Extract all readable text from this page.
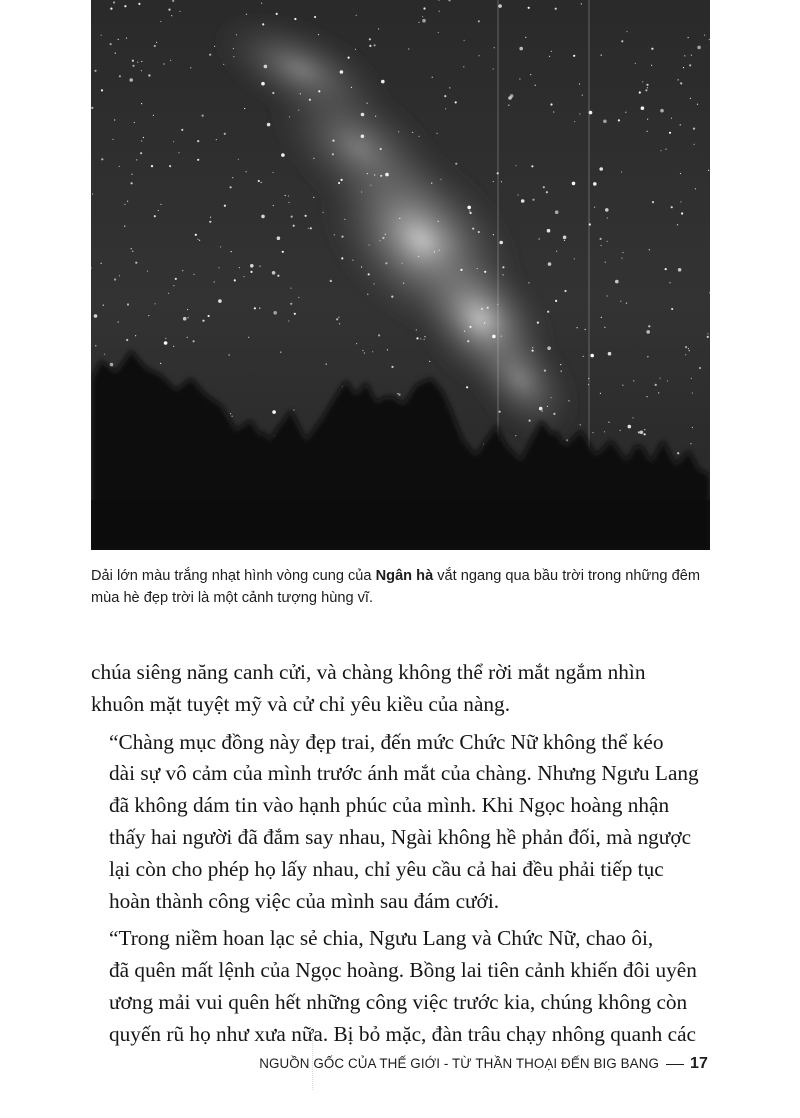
Dải lớn màu trắng nhạt hình vòng cung của Ngân hà vắt ngang qua bầu trời trong những đêm mùa hè đẹp trời là một cảnh tượng hùng vĩ.

chúa siêng năng canh cửi, và chàng không thể rời mắt ngắm nhìn
khuôn mặt tuyệt mỹ và cử chỉ yêu kiều của nàng.

“Chàng mục đồng này đẹp trai, đến mức Chức Nữ không thể kéo
dài sự vô cảm của mình trước ánh mắt của chàng. Nhưng Ngưu Lang
đã không dám tin vào hạnh phúc của mình. Khi Ngọc hoàng nhận
thấy hai người đã đắm say nhau, Ngài không hề phản đối, mà ngược
lại còn cho phép họ lấy nhau, chỉ yêu cầu cả hai đều phải tiếp tục
hoàn thành công việc của mình sau đám cưới.

“Trong niềm hoan lạc sẻ chia, Ngưu Lang và Chức Nữ, chao ôi,
đã quên mất lệnh của Ngọc hoàng. Bồng lai tiên cảnh khiến đôi uyên
ương mải vui quên hết những công việc trước kia, chúng không còn
quyến rũ họ như xưa nữa. Bị bỏ mặc, đàn trâu chạy nhông quanh các

NGUỒN GỐC CỦA THẾ GIỚI - TỪ THẦN THOẠI ĐẾN BIG BANG 17
